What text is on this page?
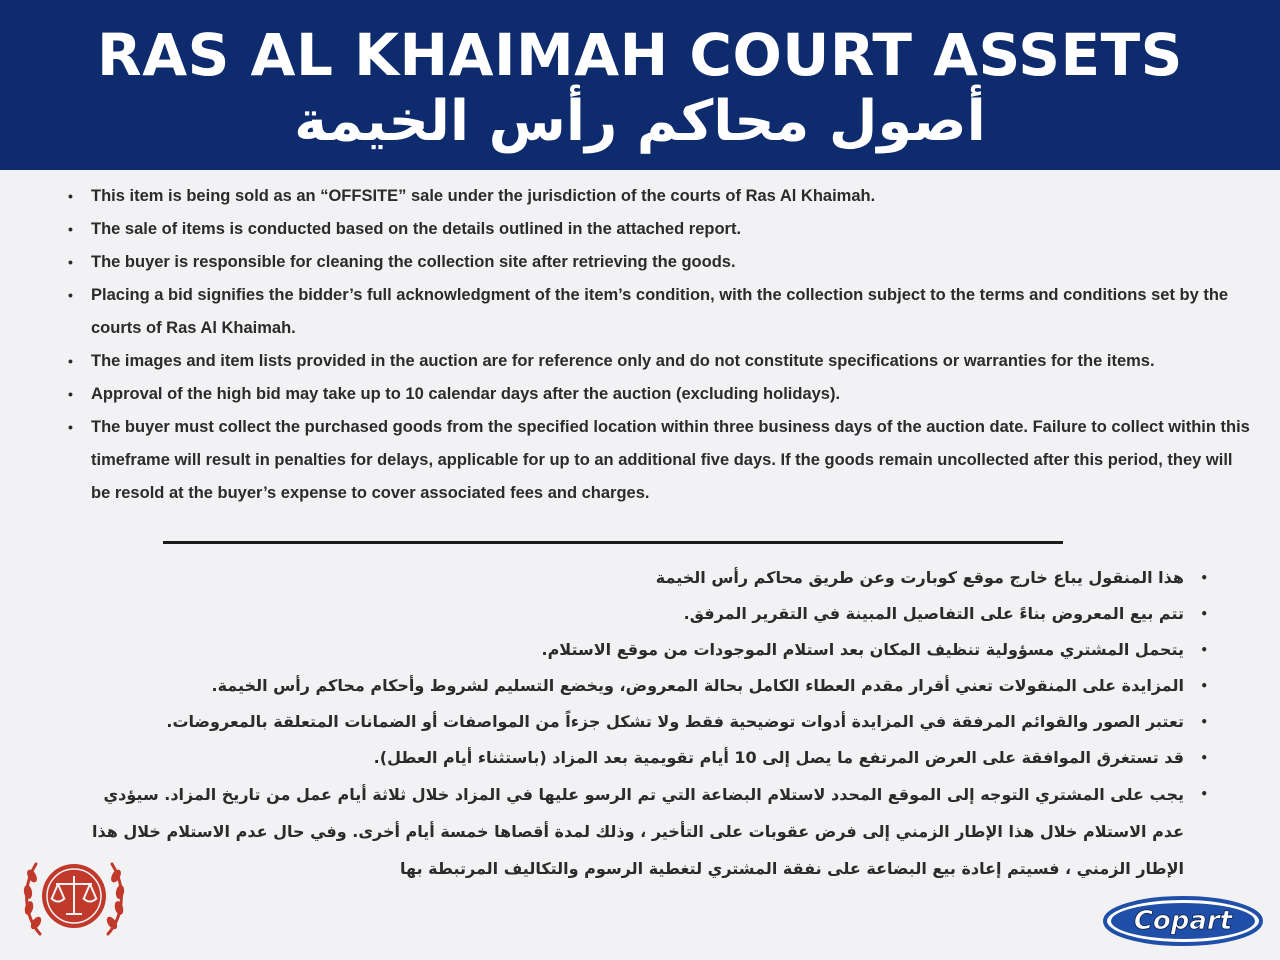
RAS AL KHAIMAH COURT ASSETS
أصول محاكم رأس الخيمة
• This item is being sold as an “OFFSITE” sale under the jurisdiction of the courts of Ras Al Khaimah.
• The sale of items is conducted based on the details outlined in the attached report.
• The buyer is responsible for cleaning the collection site after retrieving the goods.
• Placing a bid signifies the bidder’s full acknowledgment of the item’s condition, with the collection subject to the terms and conditions set by the courts of Ras Al Khaimah.
• The images and item lists provided in the auction are for reference only and do not constitute specifications or warranties for the items.
• Approval of the high bid may take up to 10 calendar days after the auction (excluding holidays).
• The buyer must collect the purchased goods from the specified location within three business days of the auction date. Failure to collect within this timeframe will result in penalties for delays, applicable for up to an additional five days. If the goods remain uncollected after this period, they will be resold at the buyer’s expense to cover associated fees and charges.
•
هذا المنقول يباع خارج موقع كوبارت وعن طريق محاكم رأس الخيمة
•
تتم بيع المعروض بناءً على التفاصيل المبينة في التقرير المرفق.
•
يتحمل المشتري مسؤولية تنظيف المكان بعد استلام الموجودات من موقع الاستلام.
•
المزايدة على المنقولات تعني أقرار مقدم العطاء الكامل بحالة المعروض، ويخضع التسليم لشروط وأحكام محاكم رأس الخيمة.
•
تعتبر الصور والقوائم المرفقة في المزايدة أدوات توضيحية فقط ولا تشكل جزءاً من المواصفات أو الضمانات المتعلقة بالمعروضات.
•
قد تستغرق الموافقة على العرض المرتفع ما يصل إلى 10 أيام تقويمية بعد المزاد (باستثناء أيام العطل).
•
يجب على المشتري التوجه إلى الموقع المحدد لاستلام البضاعة التي تم الرسو عليها في المزاد خلال ثلاثة أيام عمل من تاريخ المزاد. سيؤدي عدم الاستلام خلال هذا الإطار الزمني إلى فرض عقوبات على التأخير ، وذلك لمدة أقصاها خمسة أيام أخرى. وفي حال عدم الاستلام خلال هذا الإطار الزمني ، فسيتم إعادة بيع البضاعة على نفقة المشتري لتغطية الرسوم والتكاليف المرتبطة بها
Copart
